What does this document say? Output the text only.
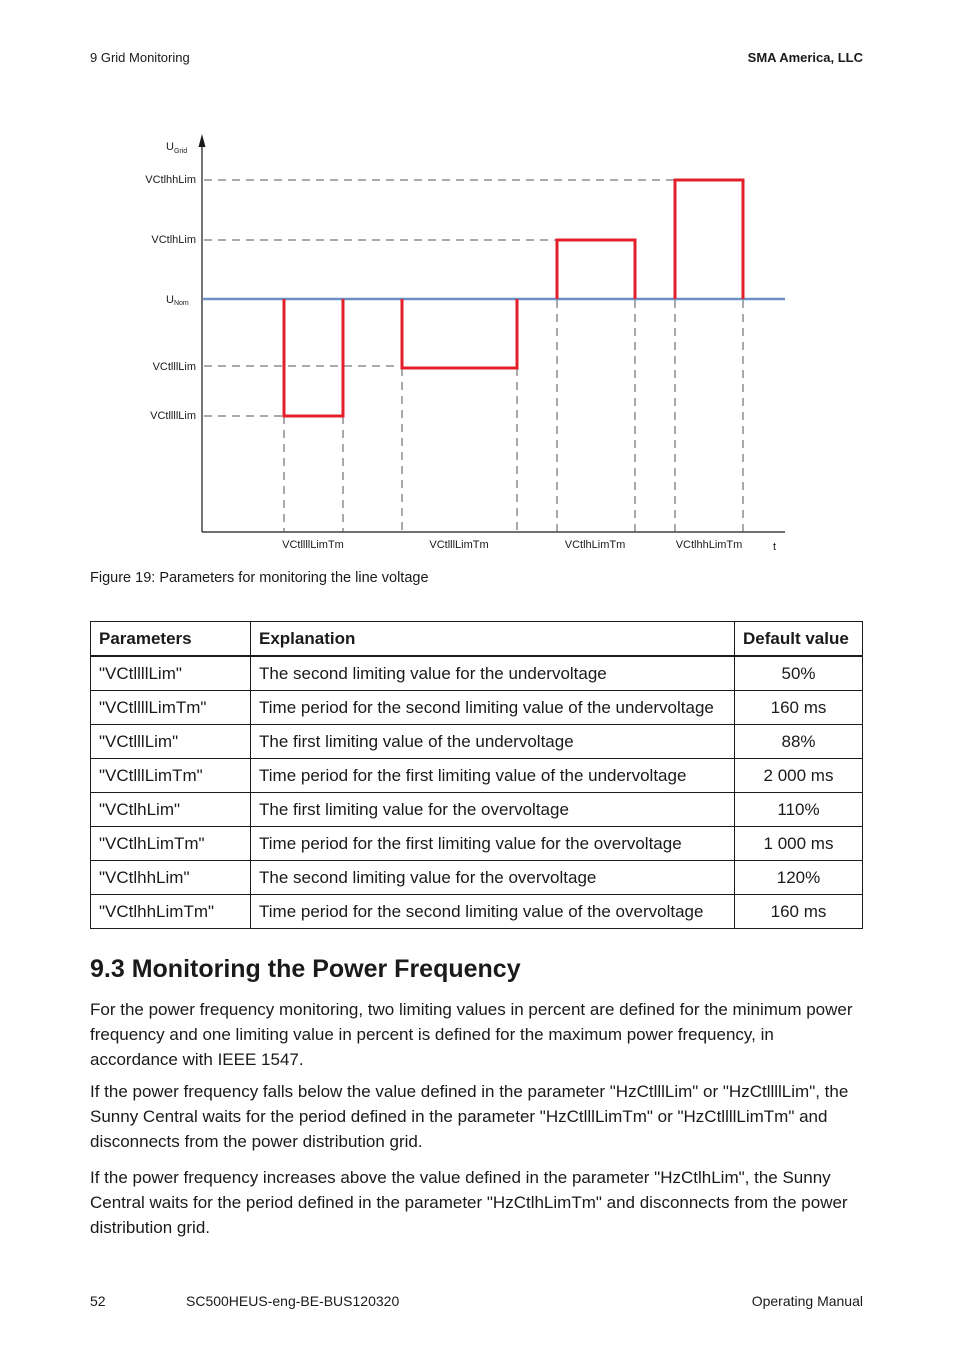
9 Grid Monitoring	SMA America, LLC
$U_{Grid}$
t
VCtlhhLim
VCtlhLim
UNom
VCtlllLim
VCtllllLim
VCtllllLimTm	VCtlllLimTm	VCtlhLimTm	VCtlhhLimTm
Figure 19: Parameters for monitoring the line voltage
Parameters	Explanation	Default value
"VCtllllLim"	The second limiting value for the undervoltage	50%
"VCtllllLimTm"	Time period for the second limiting value of the undervoltage	160 ms
"VCtlllLim"	The first limiting value of the undervoltage	88%
"VCtlllLimTm"	Time period for the first limiting value of the undervoltage	2 000 ms
"VCtlhLim"	The first limiting value for the overvoltage	110%
"VCtlhLimTm"	Time period for the first limiting value for the overvoltage	1 000 ms
"VCtlhhLim"	The second limiting value for the overvoltage	120%
"VCtlhhLimTm"	Time period for the second limiting value of the overvoltage	160 ms
9.3 Monitoring the Power Frequency

For the power frequency monitoring, two limiting values in percent are defined for the minimum power frequency and one limiting value in percent is defined for the maximum power frequency, in accordance with IEEE 1547.

If the power frequency falls below the value defined in the parameter "HzCtlllLim" or "HzCtllllLim", the Sunny Central waits for the period defined in the parameter "HzCtlllLimTm" or "HzCtllllLimTm" and disconnects from the power distribution grid.

If the power frequency increases above the value defined in the parameter "HzCtlhLim", the Sunny Central waits for the period defined in the parameter "HzCtlhLimTm" and disconnects from the power distribution grid.

52	SC500HEUS-eng-BE-BUS120320	Operating Manual
